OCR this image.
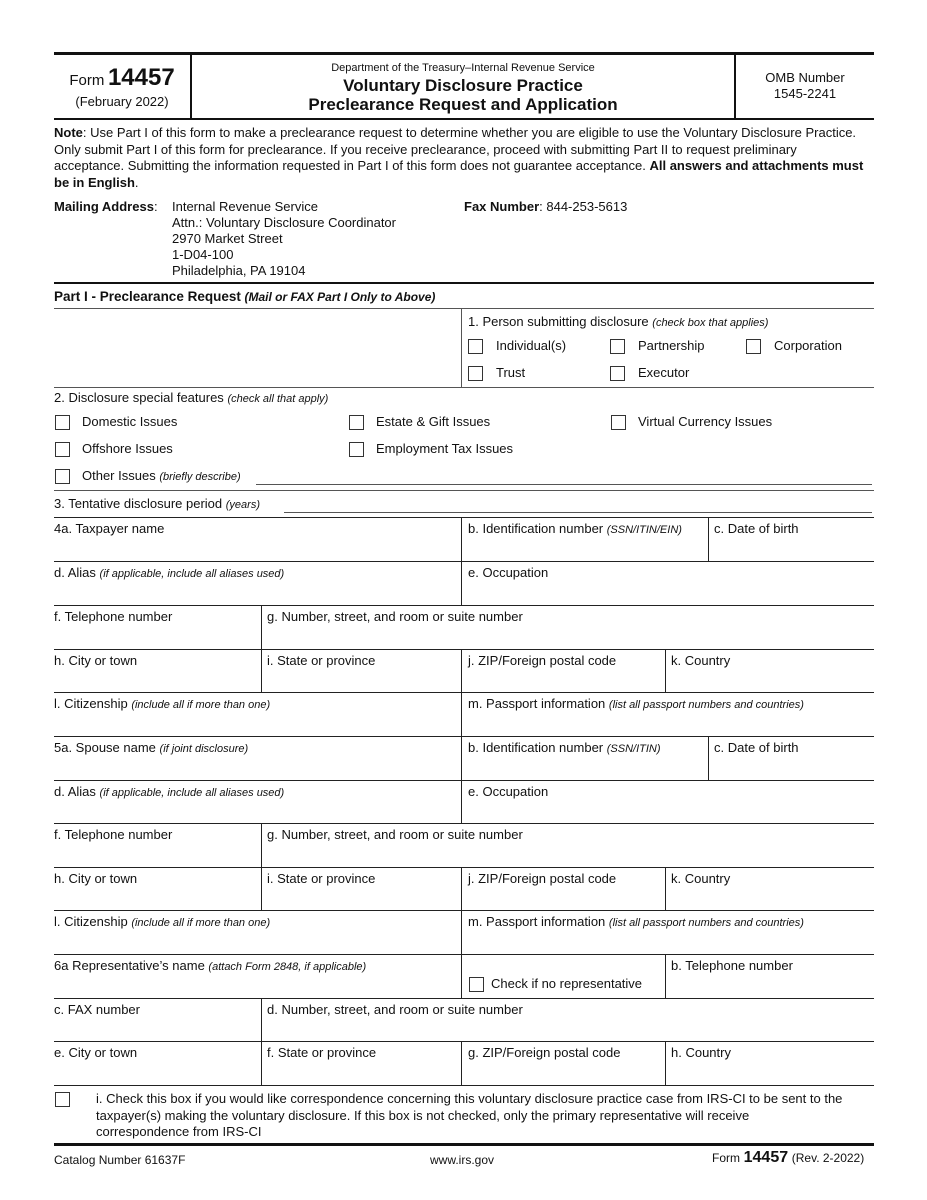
Form 14457
(February 2022)
Department of the Treasury–Internal Revenue Service
Voluntary Disclosure Practice
Preclearance Request and Application
OMB Number
1545-2241
Note: Use Part I of this form to make a preclearance request to determine whether you are eligible to use the Voluntary Disclosure Practice. Only submit Part I of this form for preclearance. If you receive preclearance, proceed with submitting Part II to request preliminary acceptance. Submitting the information requested in Part I of this form does not guarantee acceptance. All answers and attachments must be in English.
Mailing Address: Internal Revenue Service
Attn.: Voluntary Disclosure Coordinator
2970 Market Street
1-D04-100
Philadelphia, PA 19104
Fax Number: 844-253-5613
Part I - Preclearance Request (Mail or FAX Part I Only to Above)
1. Person submitting disclosure (check box that applies)
Individual(s)	Partnership	Corporation
Trust	Executor
2. Disclosure special features (check all that apply)
Domestic Issues	Estate & Gift Issues	Virtual Currency Issues
Offshore Issues	Employment Tax Issues
Other Issues (briefly describe)
3. Tentative disclosure period (years)
4a. Taxpayer name	b. Identification number (SSN/ITIN/EIN) c. Date of birth
d. Alias (if applicable, include all aliases used)	e. Occupation
f. Telephone number	g. Number, street, and room or suite number
h. City or town	i. State or province	j. ZIP/Foreign postal code	k. Country
l. Citizenship (include all if more than one)	m. Passport information (list all passport numbers and countries)
5a. Spouse name (if joint disclosure)	b. Identification number (SSN/ITIN)	c. Date of birth
d. Alias (if applicable, include all aliases used)	e. Occupation
f. Telephone number	g. Number, street, and room or suite number
h. City or town	i. State or province	j. ZIP/Foreign postal code	k. Country
l. Citizenship (include all if more than one)	m. Passport information (list all passport numbers and countries)
6a Representative’s name (attach Form 2848, if applicable)
Check if no representative
b. Telephone number
c. FAX number	d. Number, street, and room or suite number
e. City or town	f. State or province	g. ZIP/Foreign postal code	h. Country
i. Check this box if you would like correspondence concerning this voluntary disclosure practice case from IRS-CI to be sent to the
taxpayer(s) making the voluntary disclosure. If this box is not checked, only the primary representative will receive
correspondence from IRS-CI
Catalog Number 61637F	www.irs.gov	Form 14457 (Rev. 2-2022)
